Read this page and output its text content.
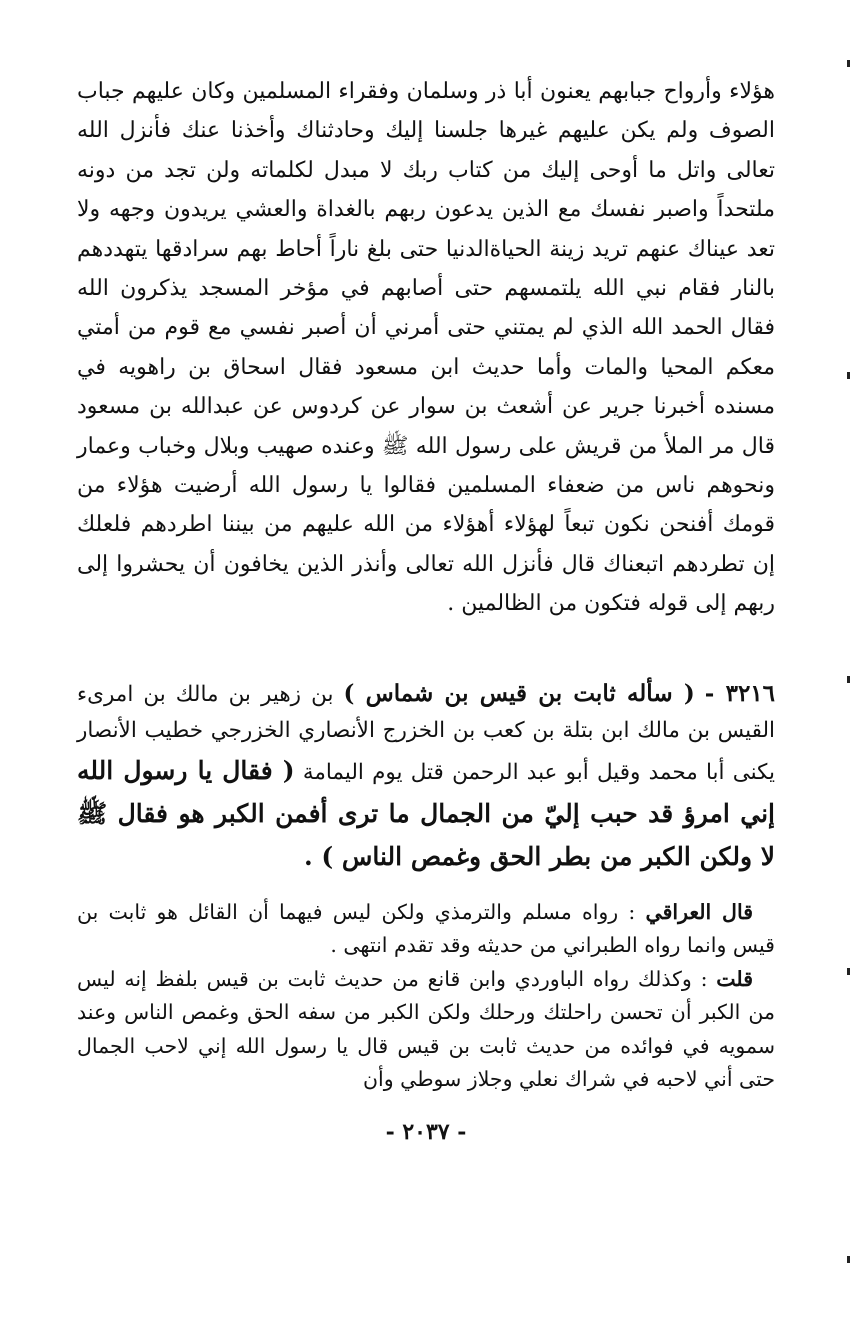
هؤلاء وأرواح جبابهم يعنون أبا ذر وسلمان وفقراء المسلمين وكان عليهم جباب الصوف ولم يكن عليهم غيرها جلسنا إليك وحادثناك وأخذنا عنك فأنزل الله تعالى واتل ما أوحى إليك من كتاب ربك لا مبدل لكلماته ولن تجد من دونه ملتحداً واصبر نفسك مع الذين يدعون ربهم بالغداة والعشي يريدون وجهه ولا تعد عيناك عنهم تريد زينة الحياةالدنيا حتى بلغ ناراً أحاط بهم سرادقها يتهددهم بالنار فقام نبي الله يلتمسهم حتى أصابهم في مؤخر المسجد يذكرون الله فقال الحمد الله الذي لم يمتني حتى أمرني أن أصبر نفسي مع قوم من أمتي معكم المحيا والمات وأما حديث ابن مسعود فقال اسحاق بن راهويه في مسنده أخبرنا جرير عن أشعث بن سوار عن كردوس عن عبدالله بن مسعود قال مر الملأ من قريش على رسول الله ﷺ وعنده صهيب وبلال وخباب وعمار ونحوهم ناس من ضعفاء المسلمين فقالوا يا رسول الله أرضيت هؤلاء من قومك أفنحن نكون تبعاً لهؤلاء أهؤلاء من الله عليهم من بيننا اطردهم فلعلك إن تطردهم اتبعناك قال فأنزل الله تعالى وأنذر الذين يخافون أن يحشروا إلى ربهم إلى قوله فتكون من الظالمين .

٣٢١٦ - ( سأله ثابت بن قيس بن شماس ) بن زهير بن مالك بن امرىء القيس بن مالك ابن بتلة بن كعب بن الخزرج الأنصاري الخزرجي خطيب الأنصار يكنى أبا محمد وقيل أبو عبد الرحمن قتل يوم اليمامة ( فقال يا رسول الله إني امرؤ قد حبب إليّ من الجمال ما ترى أفمن الكبر هو فقال ﷺ لا ولكن الكبر من بطر الحق وغمص الناس ) .

قال العراقي : رواه مسلم والترمذي ولكن ليس فيهما أن القائل هو ثابت بن قيس وانما رواه الطبراني من حديثه وقد تقدم انتهى .

قلت : وكذلك رواه الباوردي وابن قانع من حديث ثابت بن قيس بلفظ إنه ليس من الكبر أن تحسن راحلتك ورحلك ولكن الكبر من سفه الحق وغمص الناس وعند سمويه في فوائده من حديث ثابت بن قيس قال يا رسول الله إني لاحب الجمال حتى أني لاحبه في شراك نعلي وجلاز سوطي وأن

- ٢٠٣٧ -
